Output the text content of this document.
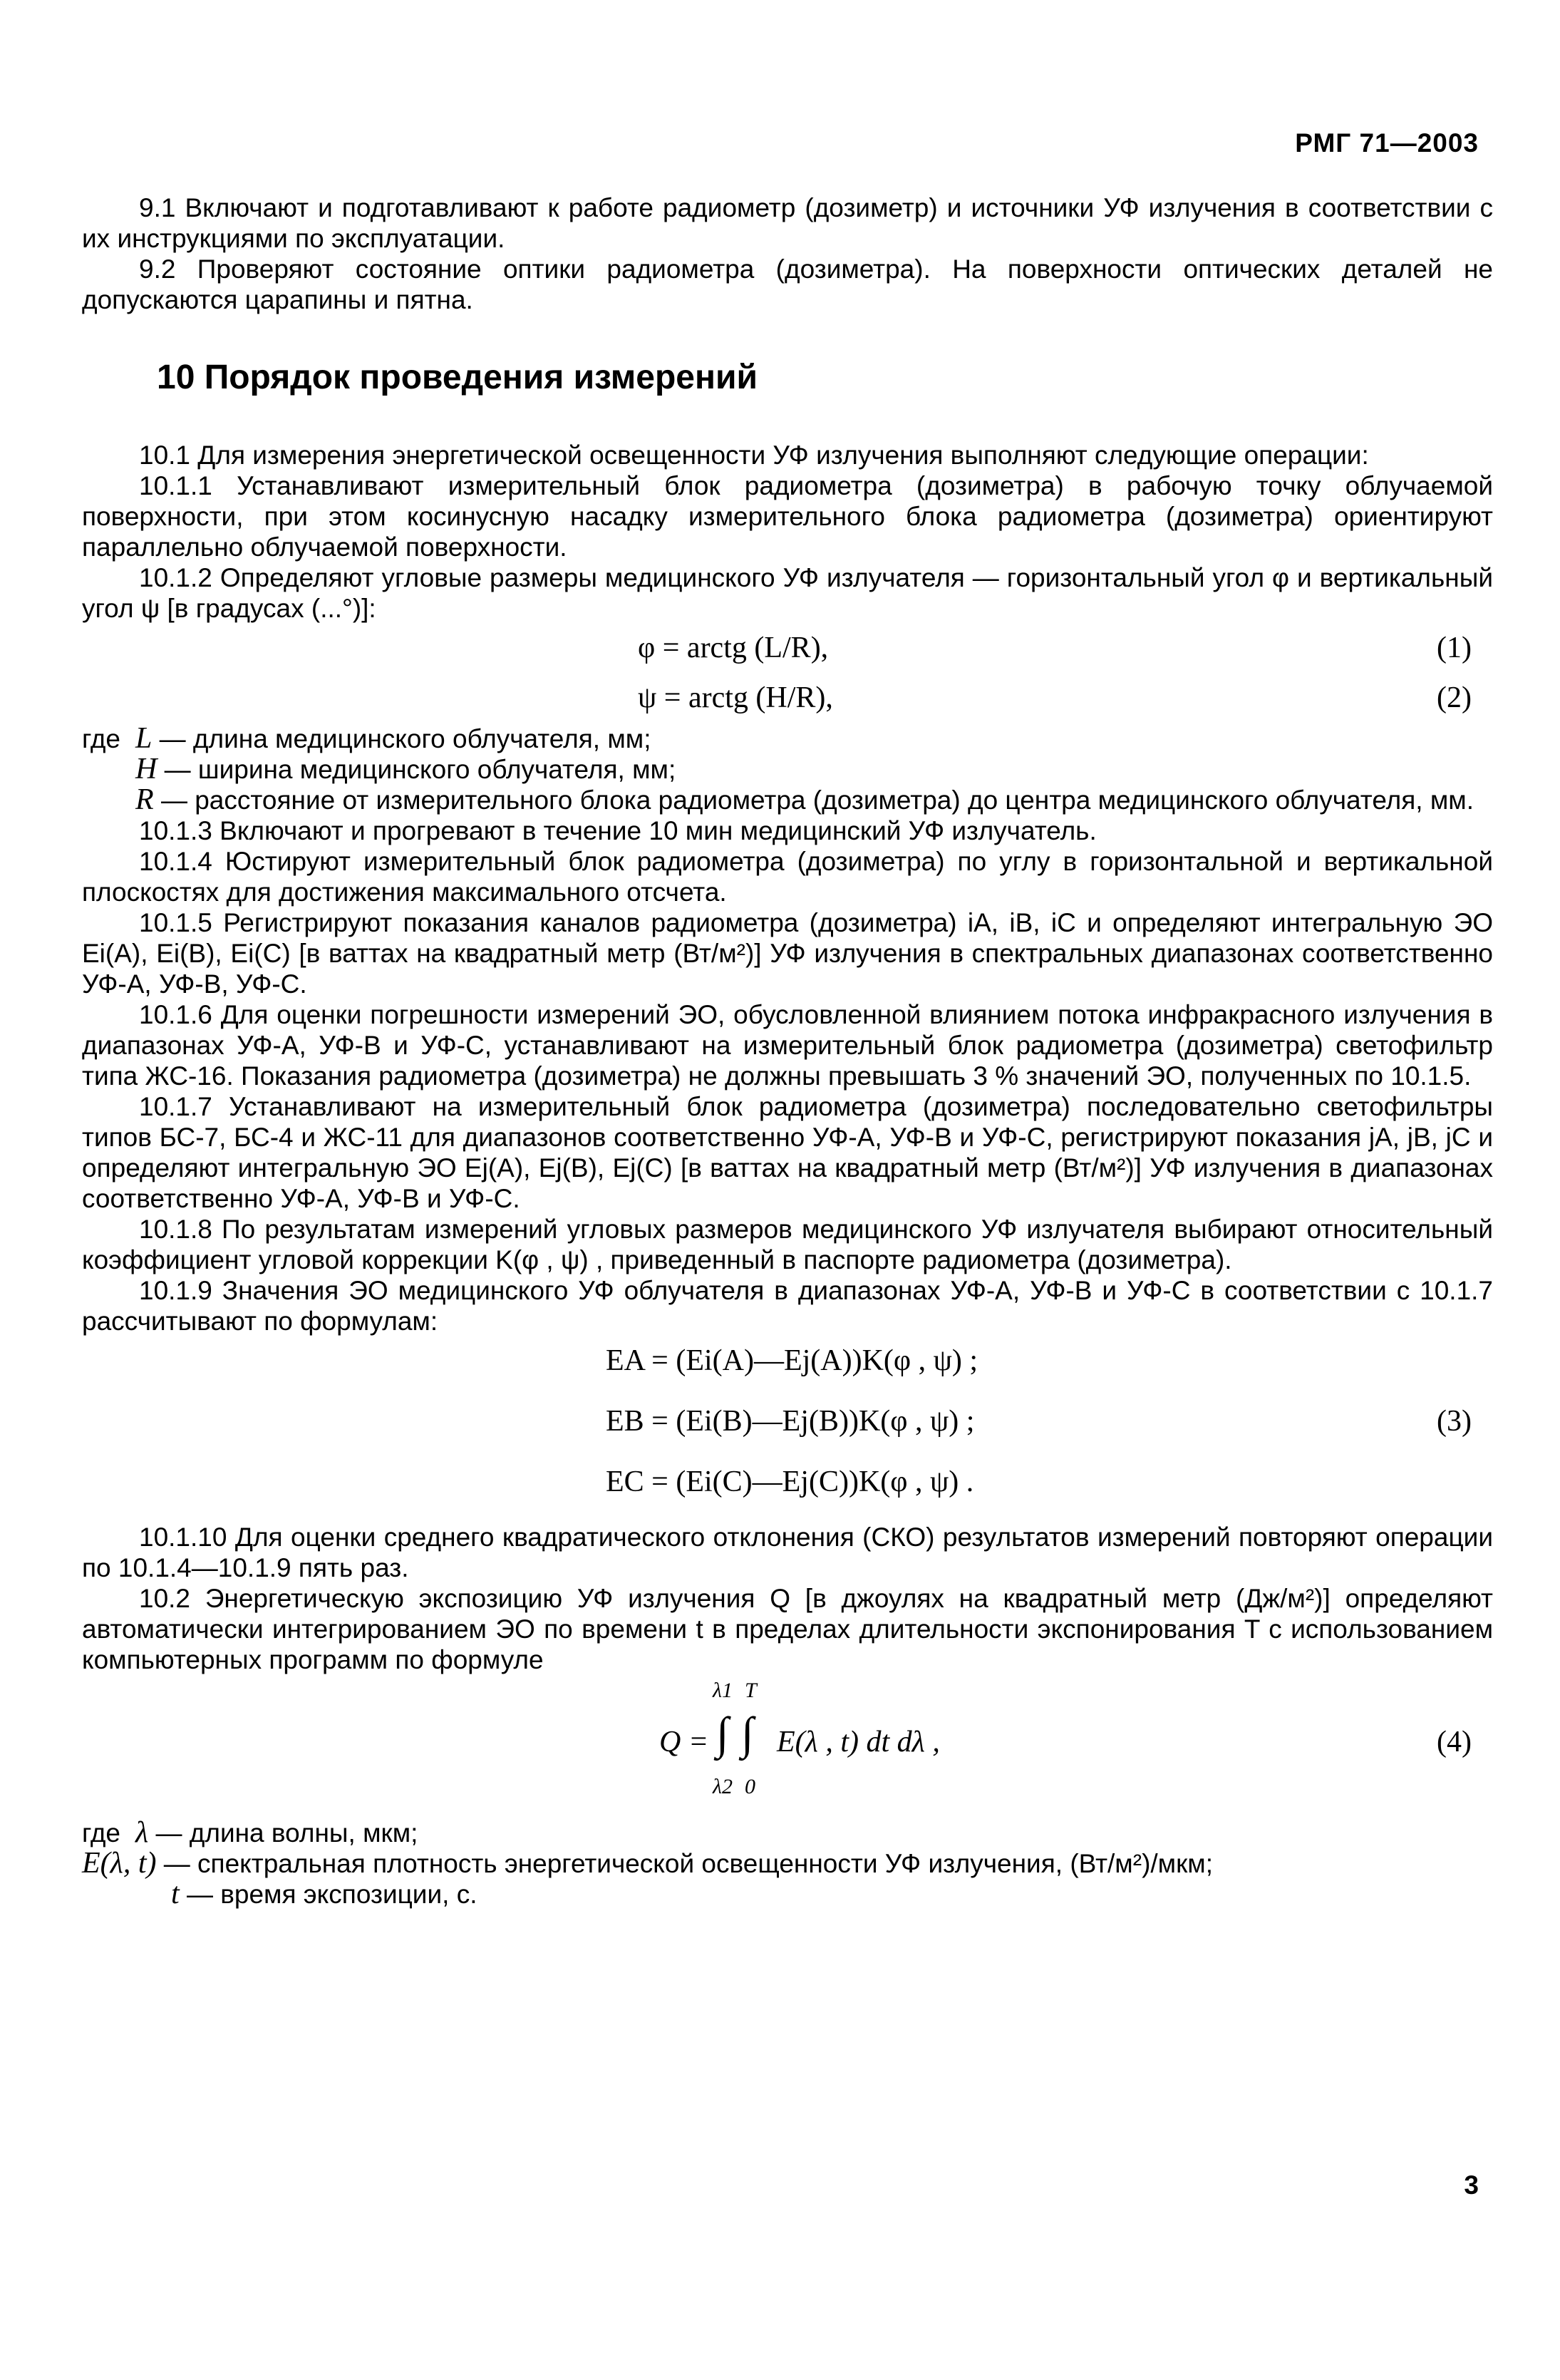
РМГ 71—2003

9.1 Включают и подготавливают к работе радиометр (дозиметр) и источники УФ излучения в соответствии с их инструкциями по эксплуатации.

9.2 Проверяют состояние оптики радиометра (дозиметра). На поверхности оптических деталей не допускаются царапины и пятна.

10 Порядок проведения измерений

10.1 Для измерения энергетической освещенности УФ излучения выполняют следующие операции:

10.1.1 Устанавливают измерительный блок радиометра (дозиметра) в рабочую точку облучаемой поверхности, при этом косинусную насадку измерительного блока радиометра (дозиметра) ориентируют параллельно облучаемой поверхности.

10.1.2 Определяют угловые размеры медицинского УФ излучателя — горизонтальный угол φ и вертикальный угол ψ [в градусах (...°)]:

φ = arctg (L/R),	(1)
ψ = arctg (H/R),	(2)
где L
— длина медицинского облучателя, мм;
H
— ширина медицинского облучателя, мм;
R
— расстояние от измерительного блока радиометра (дозиметра) до центра медицинского облучателя, мм.

10.1.3 Включают и прогревают в течение 10 мин медицинский УФ излучатель.

10.1.4 Юстируют измерительный блок радиометра (дозиметра) по углу в горизонтальной и вертикальной плоскостях для достижения максимального отсчета.

10.1.5 Регистрируют показания каналов радиометра (дозиметра) iA, iB, iC и определяют интегральную ЭО Ei(A), Ei(B), Ei(C) [в ваттах на квадратный метр (Вт/м²)] УФ излучения в спектральных диапазонах соответственно УФ-А, УФ-В, УФ-С.

10.1.6 Для оценки погрешности измерений ЭО, обусловленной влиянием потока инфракрасного излучения в диапазонах УФ-А, УФ-В и УФ-С, устанавливают на измерительный блок радиометра (дозиметра) светофильтр типа ЖС-16. Показания радиометра (дозиметра) не должны превышать 3 % значений ЭО, полученных по 10.1.5.

10.1.7 Устанавливают на измерительный блок радиометра (дозиметра) последовательно светофильтры типов БС-7, БС-4 и ЖС-11 для диапазонов соответственно УФ-А, УФ-В и УФ-С, регистрируют показания jA, jB, jC и определяют интегральную ЭО Ej(A), Ej(B), Ej(C) [в ваттах на квадратный метр (Вт/м²)] УФ излучения в диапазонах соответственно УФ-А, УФ-В и УФ-С.

10.1.8 По результатам измерений угловых размеров медицинского УФ излучателя выбирают относительный коэффициент угловой коррекции K(φ , ψ) , приведенный в паспорте радиометра (дозиметра).

10.1.9 Значения ЭО медицинского УФ облучателя в диапазонах УФ-А, УФ-В и УФ-С в соответствии с 10.1.7 рассчитывают по формулам:

EA = (Ei(A)—Ej(A))K(φ , ψ) ;
EB = (Ei(B)—Ej(B))K(φ , ψ) ;
EC = (Ei(C)—Ej(C))K(φ , ψ) .
(3)

10.1.10 Для оценки среднего квадратического отклонения (СКО) результатов измерений повторяют операции по 10.1.4—10.1.9 пять раз.

10.2 Энергетическую экспозицию УФ излучения Q [в джоулях на квадратный метр (Дж/м²)] определяют автоматически интегрированием ЭО по времени t в пределах длительности экспонирования T с использованием компьютерных программ по формуле

Q =
λ1
∫
λ2
T
∫
0
E(λ , t) dt dλ ,	(4)
где λ
— длина волны, мкм;
E(λ, t)
— спектральная плотность энергетической освещенности УФ излучения, (Вт/м²)/мкм;
t
— время экспозиции, с.
3
